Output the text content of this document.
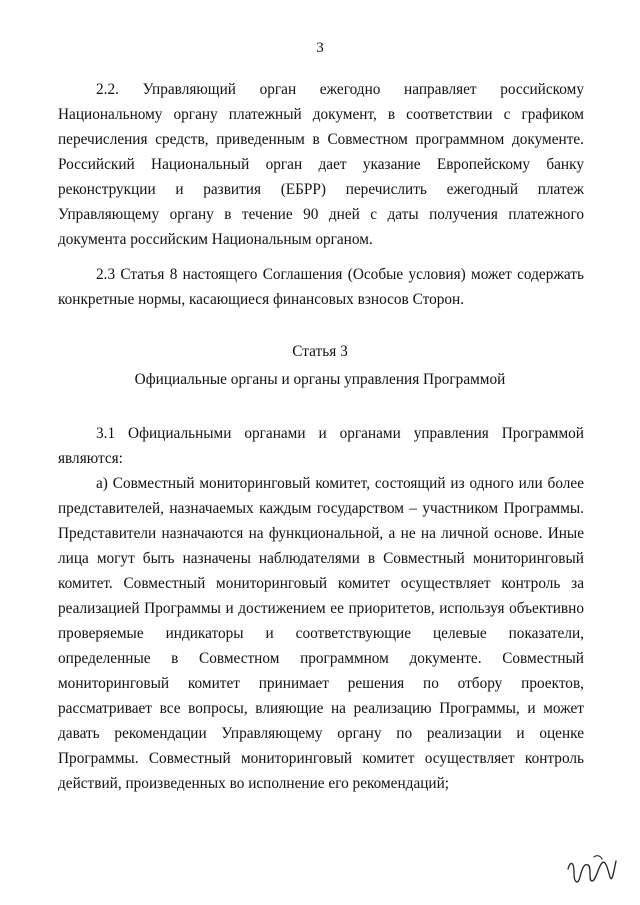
3

2.2. Управляющий орган ежегодно направляет российскому Национальному органу платежный документ, в соответствии с графиком перечисления средств, приведенным в Совместном программном документе. Российский Национальный орган дает указание Европейскому банку реконструкции и развития (ЕБРР) перечислить ежегодный платеж Управляющему органу в течение 90 дней с даты получения платежного документа российским Национальным органом.

2.3 Статья 8 настоящего Соглашения (Особые условия) может содержать конкретные нормы, касающиеся финансовых взносов Сторон.

Статья 3
Официальные органы и органы управления Программой

3.1 Официальными органами и органами управления Программой являются:

а) Совместный мониторинговый комитет, состоящий из одного или более представителей, назначаемых каждым государством – участником Программы. Представители назначаются на функциональной, а не на личной основе. Иные лица могут быть назначены наблюдателями в Совместный мониторинговый комитет. Совместный мониторинговый комитет осуществляет контроль за реализацией Программы и достижением ее приоритетов, используя объективно проверяемые индикаторы и соответствующие целевые показатели, определенные в Совместном программном документе. Совместный мониторинговый комитет принимает решения по отбору проектов, рассматривает все вопросы, влияющие на реализацию Программы, и может давать рекомендации Управляющему органу по реализации и оценке Программы. Совместный мониторинговый комитет осуществляет контроль действий, произведенных во исполнение его рекомендаций;
